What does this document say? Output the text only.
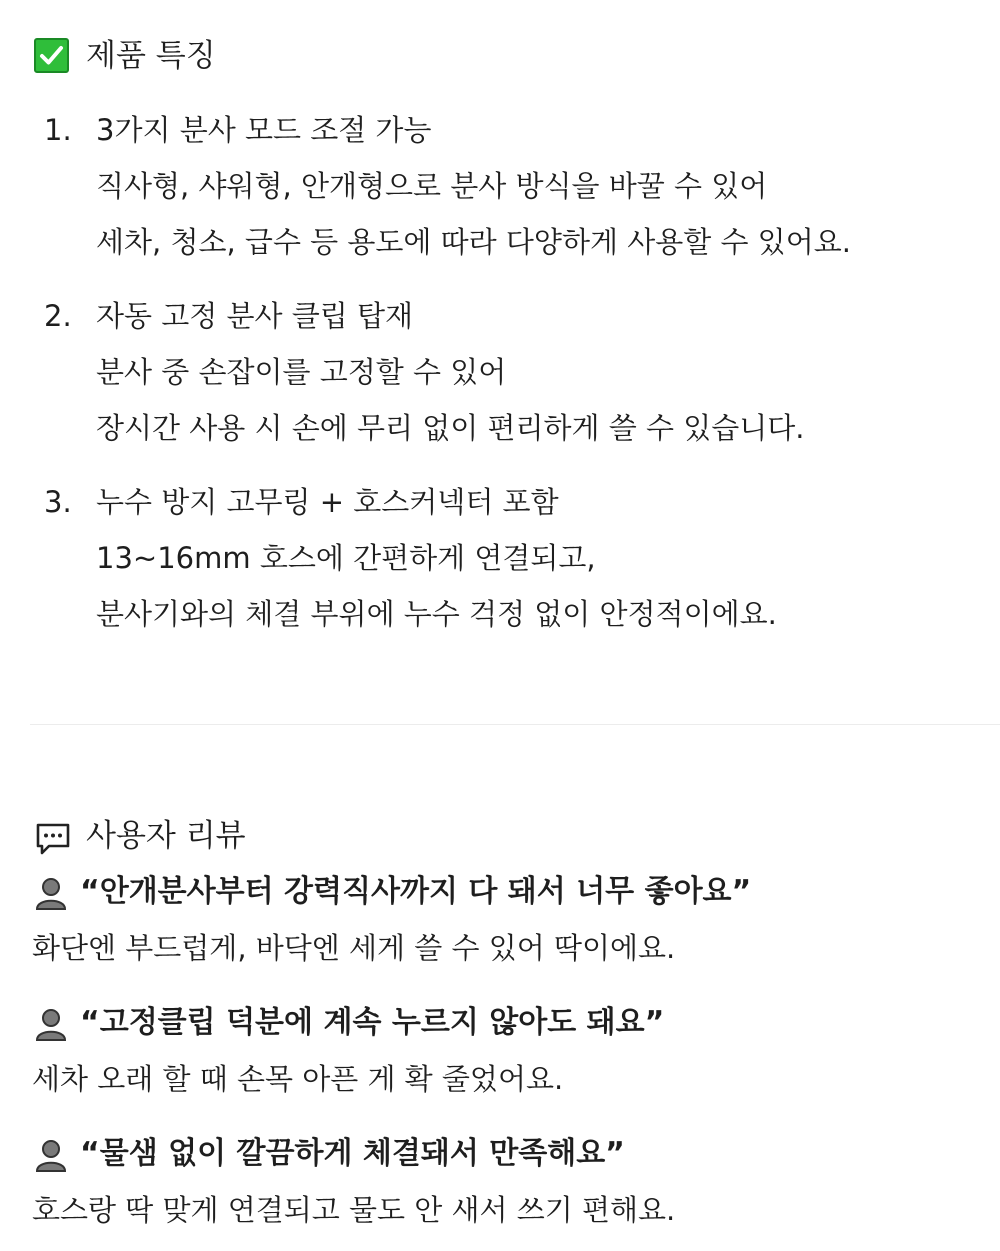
제품 특징
1. 3가지 분사 모드 조절 가능
직사형, 샤워형, 안개형으로 분사 방식을 바꿀 수 있어
세차, 청소, 급수 등 용도에 따라 다양하게 사용할 수 있어요.
2. 자동 고정 분사 클립 탑재
분사 중 손잡이를 고정할 수 있어
장시간 사용 시 손에 무리 없이 편리하게 쓸 수 있습니다.
3. 누수 방지 고무링 + 호스커넥터 포함
13~16mm 호스에 간편하게 연결되고,
분사기와의 체결 부위에 누수 걱정 없이 안정적이에요.
사용자 리뷰
“안개분사부터 강력직사까지 다 돼서 너무 좋아요”
화단엔 부드럽게, 바닥엔 세게 쓸 수 있어 딱이에요.
“고정클립 덕분에 계속 누르지 않아도 돼요”
세차 오래 할 때 손목 아픈 게 확 줄었어요.
“물샘 없이 깔끔하게 체결돼서 만족해요”
호스랑 딱 맞게 연결되고 물도 안 새서 쓰기 편해요.
